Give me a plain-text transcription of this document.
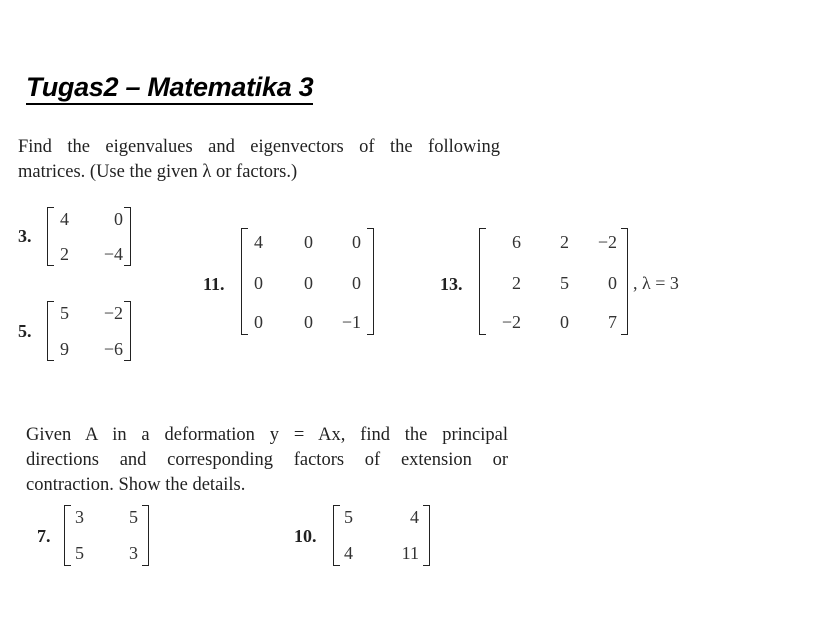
Tugas2 – Matematika 3
Find the eigenvalues and eigenvectors of the following
matrices. (Use the given λ or factors.)
3.
4	0
2	−4
5.
5	−2
9	−6
11.
4	0	0
0	0	0
0	0	−1
13.
6	2	−2
2	5	0
−2	0	7
, λ = 3
Given A in a deformation y = Ax, find the principal
directions and corresponding factors of extension or
contraction. Show the details.
7.
3	5
5	3
10.
5	4
4	11
